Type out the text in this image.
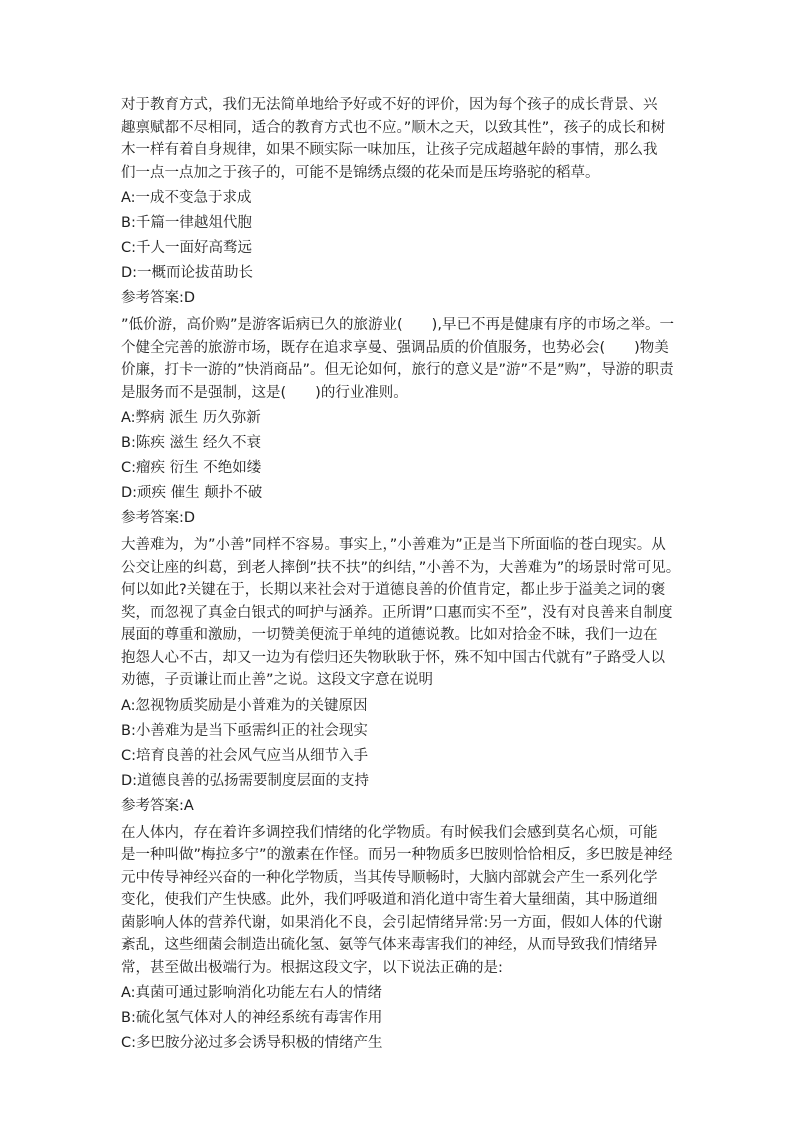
对于教育方式，我们无法简单地给予好或不好的评价，因为每个孩子的成长背景、兴
趣禀赋都不尽相同，适合的教育方式也不应。”顺木之天，以致其性”，孩子的成长和树
木一样有着自身规律，如果不顾实际一味加压，让孩子完成超越年龄的事情，那么我
们一点一点加之于孩子的，可能不是锦绣点缀的花朵而是压垮骆驼的稻草。

A:一成不变急于求成
B:千篇一律越俎代胞
C:千人一面好高骛远
D:一概而论拔苗助长
参考答案:D

”低价游，高价购”是游客诟病已久的旅游业(　　),早已不再是健康有序的市场之举。一
个健全完善的旅游市场，既存在追求享曼、强调品质的价值服务，也势必会(　　)物美
价廉，打卡一游的”快消商品”。但无论如何，旅行的意义是”游”不是”购”，导游的职责
是服务而不是强制，这是(　　)的行业准则。

A:弊病 派生 历久弥新
B:陈疾 滋生 经久不衰
C:瘤疾 衍生 不绝如缕
D:顽疾 催生 颠扑不破
参考答案:D

大善难为，为”小善”同样不容易。事实上，”小善难为”正是当下所面临的苍白现实。从
公交让座的纠葛，到老人摔倒”扶不扶”的纠结，”小善不为，大善难为”的场景时常可见。
何以如此?关键在于，长期以来社会对于道德良善的价值肯定，都止步于溢美之词的褒
奖，而忽视了真金白银式的呵护与涵养。正所谓”口惠而实不至”，没有对良善来自制度
展面的尊重和激励，一切赞美便流于单纯的道德说教。比如对拾金不昧，我们一边在
抱怨人心不古，却又一边为有偿归还失物耿耿于怀，殊不知中国古代就有”子路受人以
劝德，子贡谦让而止善”之说。这段文字意在说明

A:忽视物质奖励是小普难为的关键原因
B:小善难为是当下亟需纠正的社会现实
C:培育良善的社会风气应当从细节入手
D:道德良善的弘扬需要制度层面的支持
参考答案:A

在人体内，存在着许多调控我们情绪的化学物质。有时候我们会感到莫名心烦，可能
是一种叫做”梅拉多宁”的激素在作怪。而另一种物质多巴胺则恰恰相反，多巴胺是神经
元中传导神经兴奋的一种化学物质，当其传导顺畅时，大脑内部就会产生一系列化学
变化，使我们产生快感。此外，我们呼吸道和消化道中寄生着大量细菌，其中肠道细
菌影响人体的营养代谢，如果消化不良，会引起情绪异常:另一方面，假如人体的代谢
紊乱，这些细菌会制造出硫化氢、氨等气体来毒害我们的神经，从而导致我们情绪异
常，甚至做出极端行为。根据这段文字，以下说法正确的是:

A:真菌可通过影响消化功能左右人的情绪
B:硫化氢气体对人的神经系统有毒害作用
C:多巴胺分泌过多会诱导积极的情绪产生
